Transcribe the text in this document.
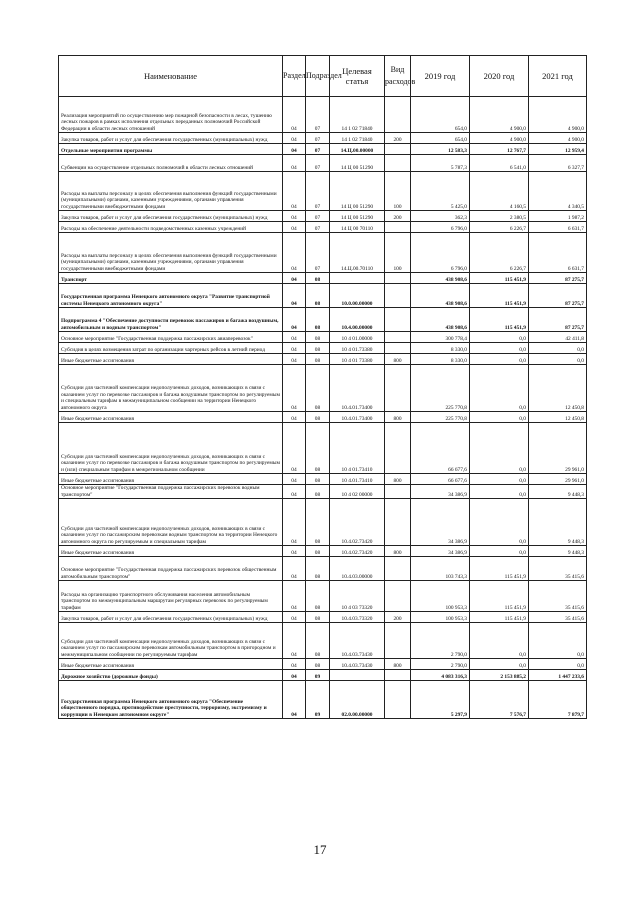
Наименование	Раздел	Подраздел	Целевая статья	Вид расходов	2019 год	2020 год	2021 год
Реализация мероприятий по осуществлению мер пожарной безопасности в лесах, тушению лесных пожаров в рамках исполнения отдельных переданных полномочий Российской Федерации в области лесных отношений	04	07	14 1 02 71840		654,0	4 900,0	4 900,0
Закупка товаров, работ и услуг для обеспечения государственных (муниципальных) нужд	04	07	14 1 02 71840	200	654,0	4 900,0	4 900,0
Отдельные мероприятия программы	04	07	14.Ц.00.00000		12 583,3	12 767,7	12 959,4
Субвенции на осуществление отдельных полномочий в области лесных отношений	04	07	14 Ц 00 51290		5 787,3	6 541,0	6 327,7
Расходы на выплаты персоналу в целях обеспечения выполнения функций государственными (муниципальными) органами, казенными учреждениями, органами управления государственными внебюджетными фондами	04	07	14 Ц 00 51290	100	5 425,0	4 160,5	4 340,5
Закупка товаров, работ и услуг для обеспечения государственных (муниципальных) нужд	04	07	14 Ц 00 51290	200	362,3	2 380,5	1 987,2
Расходы на обеспечение деятельности подведомственных казенных учреждений	04	07	14 Ц 00 70110		6 796,0	6 226,7	6 631,7
Расходы на выплаты персоналу в целях обеспечения выполнения функций государственными (муниципальными) органами, казенными учреждениями, органами управления государственными внебюджетными фондами	04	07	14.Ц.00.70110	100	6 796,0	6 226,7	6 631,7
Транспорт	04	08			438 908,6	115 451,9	87 275,7
Государственная программа Ненецкого автономного округа "Развитие транспортной системы Ненецкого автономного округа"	04	08	10.0.00.00000		438 908,6	115 451,9	87 275,7
Подпрограмма 4 "Обеспечение доступности перевозок пассажиров и багажа воздушным, автомобильным и водным транспортом"	04	08	10.4.00.00000		438 908,6	115 451,9	87 275,7
Основное мероприятие "Государственная поддержка пассажирских авиаперевозок"	04	08	10 4 01.00000		300 778,4	0,0	42 411,8
Субсидия в целях возмещения затрат по организации чартерных рейсов в летний период	04	08	10 4 01.73380		8 330,0	0,0	0,0
Иные бюджетные ассигнования	04	08	10 4 01 73380	800	8 330,0	0,0	0,0
Субсидии для частичной компенсации недополученных доходов, возникающих в связи с оказанием услуг по перевозке пассажиров и багажа воздушным транспортом по регулируемым и специальным тарифам в межмуниципальном сообщении на территории Ненецкого автономного округа	04	08	10.4.01.73400		225 770,8	0,0	12 450,8
Иные бюджетные ассигнования	04	08	10.4.01.73400	800	225 770,8	0,0	12 450,8
Субсидии для частичной компенсации недополученных доходов, возникающих в связи с оказанием услуг по перевозке пассажиров и багажа воздушным транспортом по регулируемым и (или) специальным тарифам в межрегиональном сообщении	04	08	10 4 01.73410		66 677,6	0,0	29 961,0
Иные бюджетные ассигнования	04	08	10 4.01.73410	800	66 677,6	0,0	29 961,0
Основное мероприятие "Государственная поддержка пассажирских перевозок водным транспортом"	04	08	10 4 02 00000		34 386,9	0,0	9 448,3
Субсидии для частичной компенсации недополученных доходов, возникающих в связи с оказанием услуг по пассажирским перевозкам водным транспортом на территории Ненецкого автономного округа по регулируемым и специальным тарифам	04	08	10.4.02.73420		34 386,9	0,0	9 448,3
Иные бюджетные ассигнования	04	08	10.4.02.73420	800	34 386,9	0,0	9 448,3
Основное мероприятие "Государственная поддержка пассажирских перевозок общественным автомобильным транспортом"	04	08	10.4.03.00000		103 743,3	115 451,9	35 415,6
Расходы на организацию транспортного обслуживания населения автомобильным транспортом по межмуниципальным маршрутам регулярных перевозок по регулируемым тарифам	04	08	10 4 03 73320		100 953,3	115 451,9	35 415,6
Закупка товаров, работ и услуг для обеспечения государственных (муниципальных) нужд	04	08	10.4.03.73320	200	100 953,3	115 451,9	35 415,6
Субсидии для частичной компенсации недополученных доходов, возникающих в связи с оказанием услуг по пассажирским перевозкам автомобильным транспортом в пригородном и межмуниципальном сообщении по регулируемым тарифам	04	08	10.4.03.73430		2 790,0	0,0	0,0
Иные бюджетные ассигнования	04	08	10.4.03.73430	800	2 790,0	0,0	0,0
Дорожное хозяйство (дорожные фонды)	04	09			4 083 316,3	2 153 885,2	1 447 233,6
Государственная программа Ненецкого автономного округа "Обеспечение общественного порядка, противодействие преступности, терроризму, экстремизму и коррупции в Ненецком автономном округе"	04	09	02.0.00.00000		5 297,9	7 576,7	7 879,7
17
